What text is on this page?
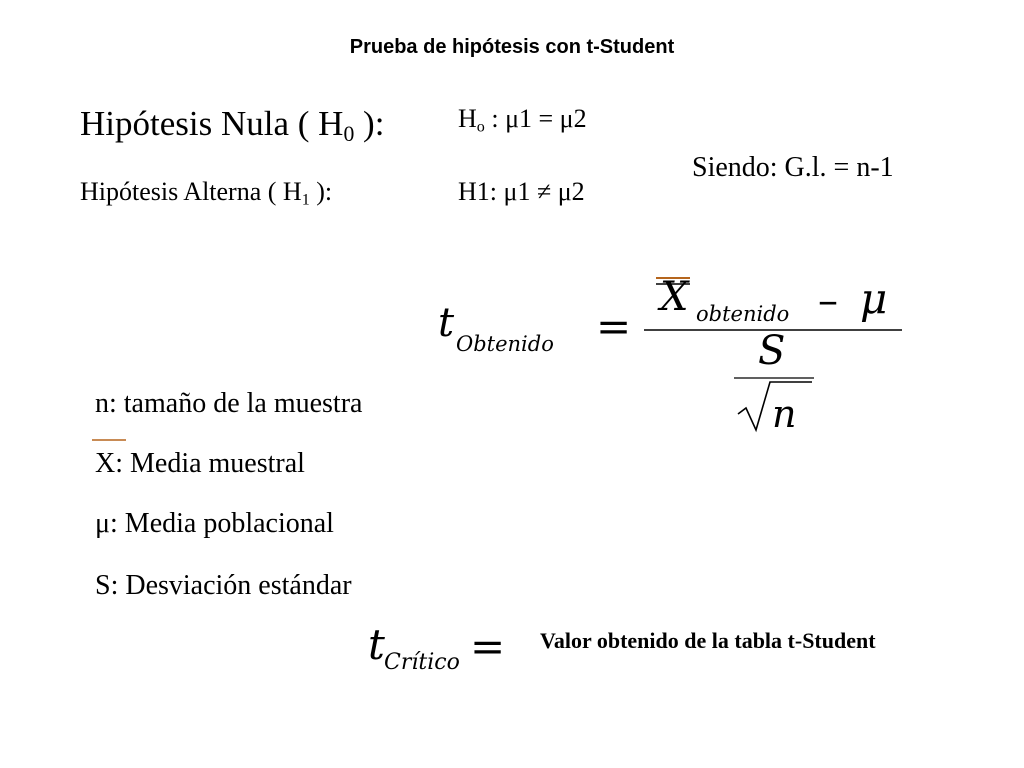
Prueba de hipótesis con t-Student
Hipótesis Nula ( $H_0$ ):	$H_o$ : μ1 = μ2
Hipótesis Alterna ( $H_1$ ):	H1: μ1 ≠ μ2
Siendo: G.l. = n-1
t Obtenido =
X obtenido – μ
S
n
n: tamaño de la muestra
X: Media muestral
μ: Media poblacional
S: Desviación estándar
t Crítico = Valor obtenido de la tabla t-Student
